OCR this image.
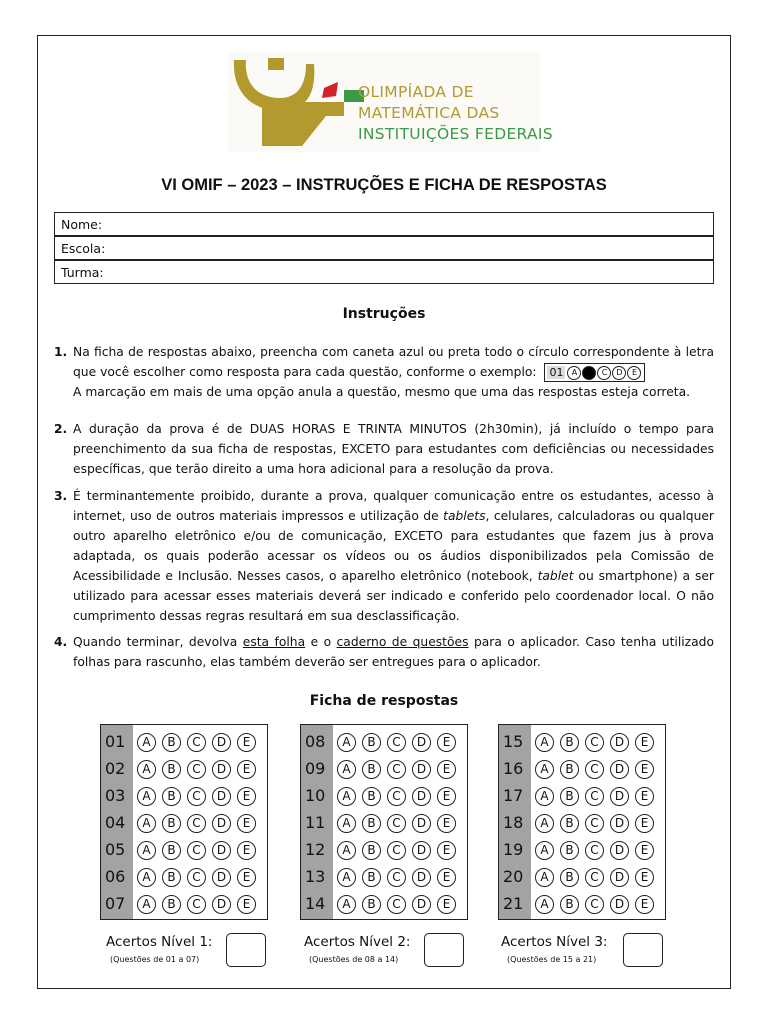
OLIMPÍADA DE
MATEMÁTICA DAS
INSTITUIÇÕES FEDERAIS
VI OMIF – 2023 – INSTRUÇÕES E FICHA DE RESPOSTAS
Nome:
Escola:
Turma:
Instruções
1. Na ficha de respostas abaixo, preencha com caneta azul ou preta todo o círculo correspondente à letra que você escolher como resposta para cada questão, conforme o exemplo: 01 A	C D E
A marcação em mais de uma opção anula a questão, mesmo que uma das respostas esteja correta.
2. A duração da prova é de DUAS HORAS E TRINTA MINUTOS (2h30min), já incluído o tempo para preenchimento da sua ficha de respostas, EXCETO para estudantes com deficiências ou necessidades específicas, que terão direito a uma hora adicional para a resolução da prova.
3. É terminantemente proibido, durante a prova, qualquer comunicação entre os estudantes, acesso à internet, uso de outros materiais impressos e utilização de tablets, celulares, calculadoras ou qualquer outro aparelho eletrônico e/ou de comunicação, EXCETO para estudantes que fazem jus à prova adaptada, os quais poderão acessar os vídeos ou os áudios disponibilizados pela Comissão de Acessibilidade e Inclusão. Nesses casos, o aparelho eletrônico (notebook, tablet ou smartphone) a ser utilizado para acessar esses materiais deverá ser indicado e conferido pelo coordenador local. O não cumprimento dessas regras resultará em sua desclassificação.
4. Quando terminar, devolva esta folha e o caderno de questões para o aplicador. Caso tenha utilizado folhas para rascunho, elas também deverão ser entregues para o aplicador.
Ficha de respostas
01	A	B	C	D	E
02	A	B	C	D	E
03	A	B	C	D	E
04	A	B	C	D	E
05	A	B	C	D	E
06	A	B	C	D	E
07	A	B	C	D	E
Acertos Nível 1:
(Questões de 01 a 07)
08	A	B	C	D	E
09	A	B	C	D	E
10	A	B	C	D	E
11	A	B	C	D	E
12	A	B	C	D	E
13	A	B	C	D	E
14	A	B	C	D	E
Acertos Nível 2:
(Questões de 08 a 14)
15	A	B	C	D	E
16	A	B	C	D	E
17	A	B	C	D	E
18	A	B	C	D	E
19	A	B	C	D	E
20	A	B	C	D	E
21	A	B	C	D	E
Acertos Nível 3:
(Questões de 15 a 21)
